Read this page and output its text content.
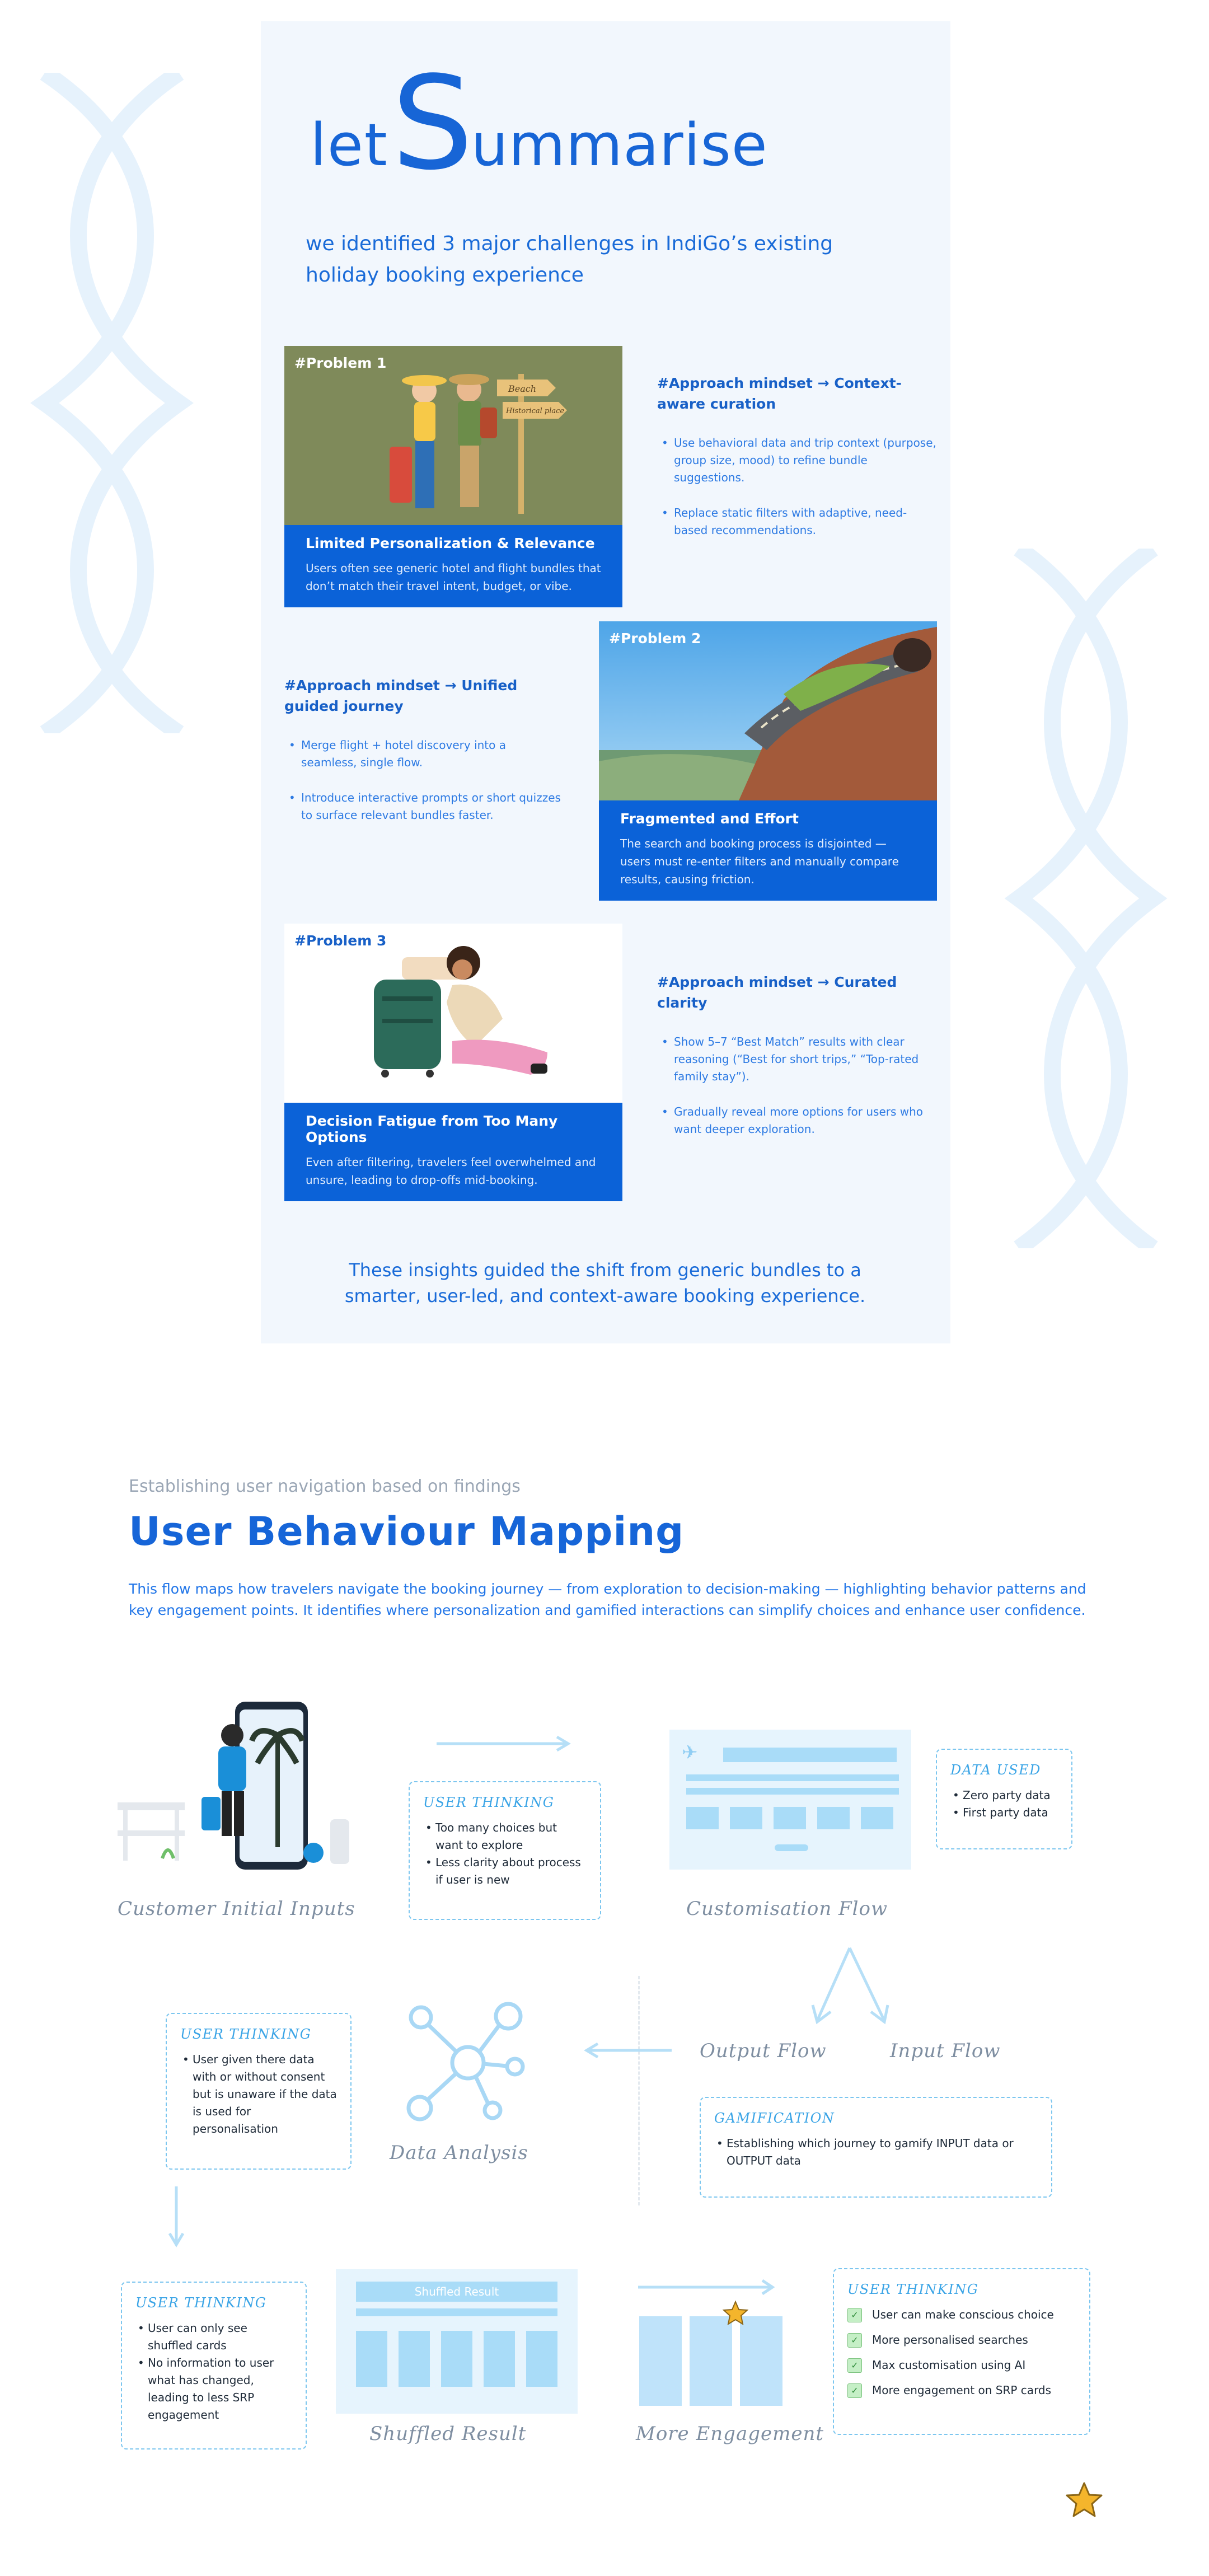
let S
ummarise

we identified 3 major challenges in IndiGo’s existing holiday booking experience

#Problem 1
Beach
Historical place
Limited Personalization & Relevance

Users often see generic hotel and flight bundles that don’t match their travel intent, budget, or vibe.

#Approach mindset → Context-aware curation
• Use behavioral data and trip context (purpose, group size, mood) to refine bundle suggestions.
• Replace static filters with adaptive, need-based recommendations.
#Approach mindset → Unified guided journey
• Merge flight + hotel discovery into a seamless, single flow.
• Introduce interactive prompts or short quizzes to surface relevant bundles faster.
#Problem 2
Fragmented and Effort

The search and booking process is disjointed — users must re-enter filters and manually compare results, causing friction.

#Problem 3
Decision Fatigue from Too Many Options

Even after filtering, travelers feel overwhelmed and unsure, leading to drop-offs mid-booking.

#Approach mindset → Curated clarity
• Show 5–7 “Best Match” results with clear reasoning (“Best for short trips,” “Top-rated family stay”).
• Gradually reveal more options for users who want deeper exploration.

These insights guided the shift from generic bundles to a smarter, user-led, and context-aware booking experience.

Establishing user navigation based on findings
User Behaviour Mapping

This flow maps how travelers navigate the booking journey — from exploration to decision-making — highlighting behavior patterns and key engagement points. It identifies where personalization and gamified interactions can simplify choices and enhance user confidence.

Customer Initial Inputs
USER THINKING
• Too many choices but want to explore
• Less clarity about process if user is new
✈
DATA USED
• Zero party data
• First party data
Customisation Flow
Output Flow	Input Flow
Data Analysis
USER THINKING
• User given there data with or without consent but is unaware if the data is used for personalisation
GAMIFICATION
• Establishing which journey to gamify INPUT data or OUTPUT data
USER THINKING
• User can only see shuffled cards
• No information to user what has changed, leading to less SRP engagement
Shuffled Result
Shuffled Result	More Engagement
USER THINKING
✓ User can make conscious choice
✓ More personalised searches
✓ Max customisation using AI
✓ More engagement on SRP cards
